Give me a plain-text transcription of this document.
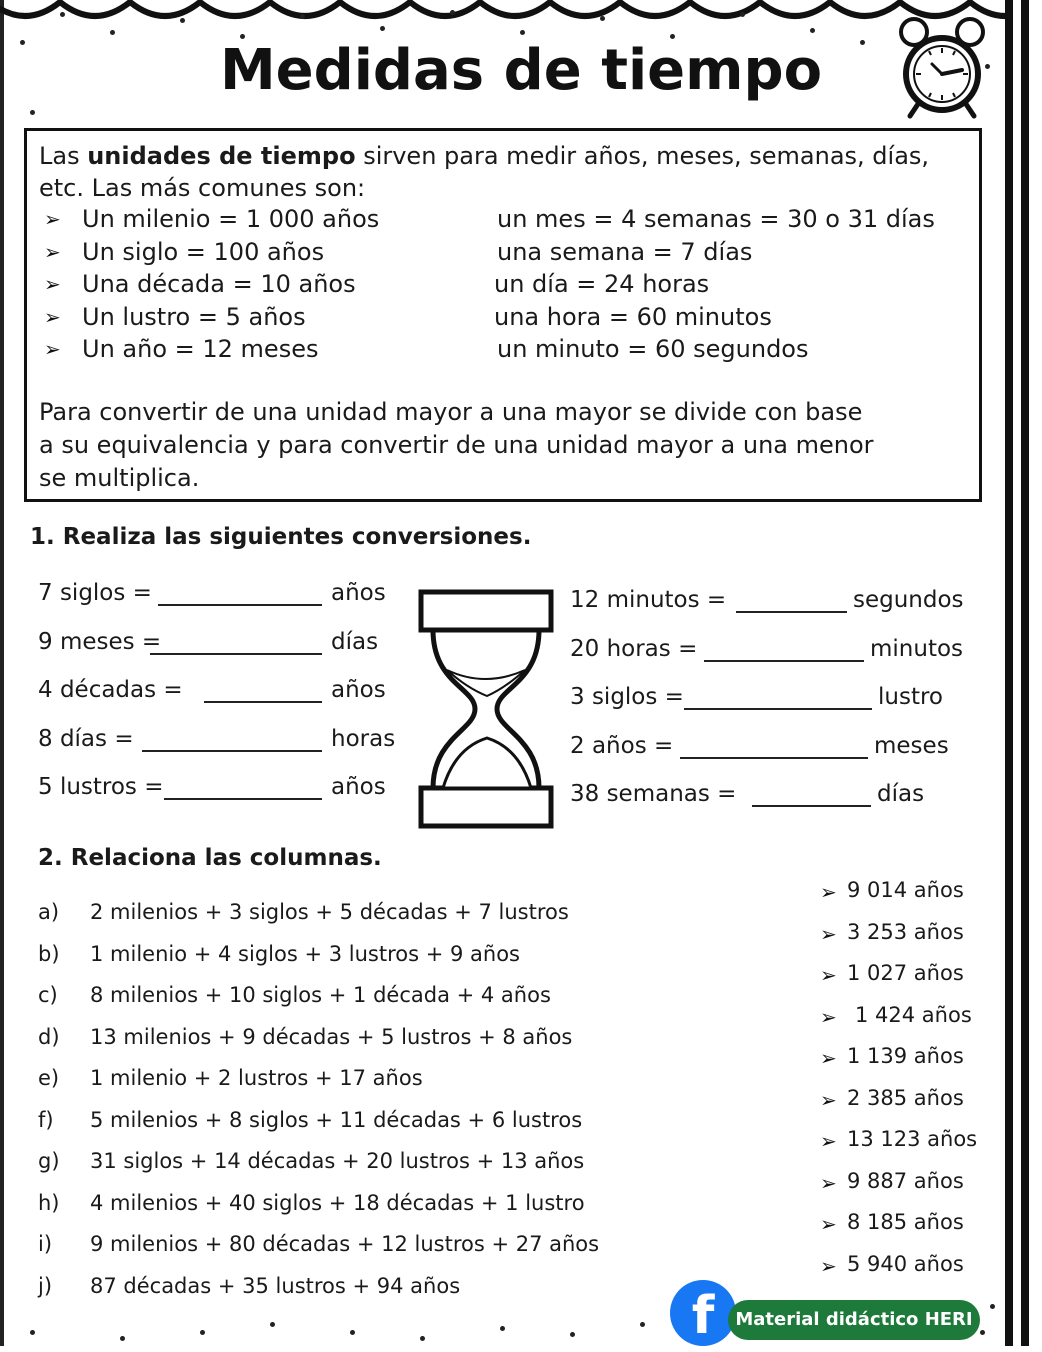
Medidas de tiempo
Las unidades de tiempo sirven para medir años, meses, semanas, días,
etc. Las más comunes son:
➢ Un milenio = 1 000 años
➢ Un siglo = 100 años
➢ Una década = 10 años
➢ Un lustro = 5 años
➢ Un año = 12 meses
un mes = 4 semanas = 30 o 31 días
una semana = 7 días
un día = 24 horas
una hora = 60 minutos
un minuto = 60 segundos
Para convertir de una unidad mayor a una mayor se divide con base
a su equivalencia y para convertir de una unidad mayor a una menor
se multiplica.
1. Realiza las siguientes conversiones.
7 siglos =	años
9 meses =	días
4 décadas =	años
8 días =	horas
5 lustros =	años
12 minutos =	segundos
20 horas =	minutos
3 siglos =	lustro
2 años =	meses
38 semanas =	días
2. Relaciona las columnas.
a) 2 milenios + 3 siglos + 5 décadas + 7 lustros
b) 1 milenio + 4 siglos + 3 lustros + 9 años
c) 8 milenios + 10 siglos + 1 década + 4 años
d) 13 milenios + 9 décadas + 5 lustros + 8 años
e) 1 milenio + 2 lustros + 17 años
f) 5 milenios + 8 siglos + 11 décadas + 6 lustros
g) 31 siglos + 14 décadas + 20 lustros + 13 años
h) 4 milenios + 40 siglos + 18 décadas + 1 lustro
i) 9 milenios + 80 décadas + 12 lustros + 27 años
j) 87 décadas + 35 lustros + 94 años
➢ 9 014 años
➢ 3 253 años
➢ 1 027 años
➢ 1 424 años
➢ 1 139 años
➢ 2 385 años
➢ 13 123 años
➢ 9 887 años
➢ 8 185 años
➢ 5 940 años
f	Material didáctico HERI
